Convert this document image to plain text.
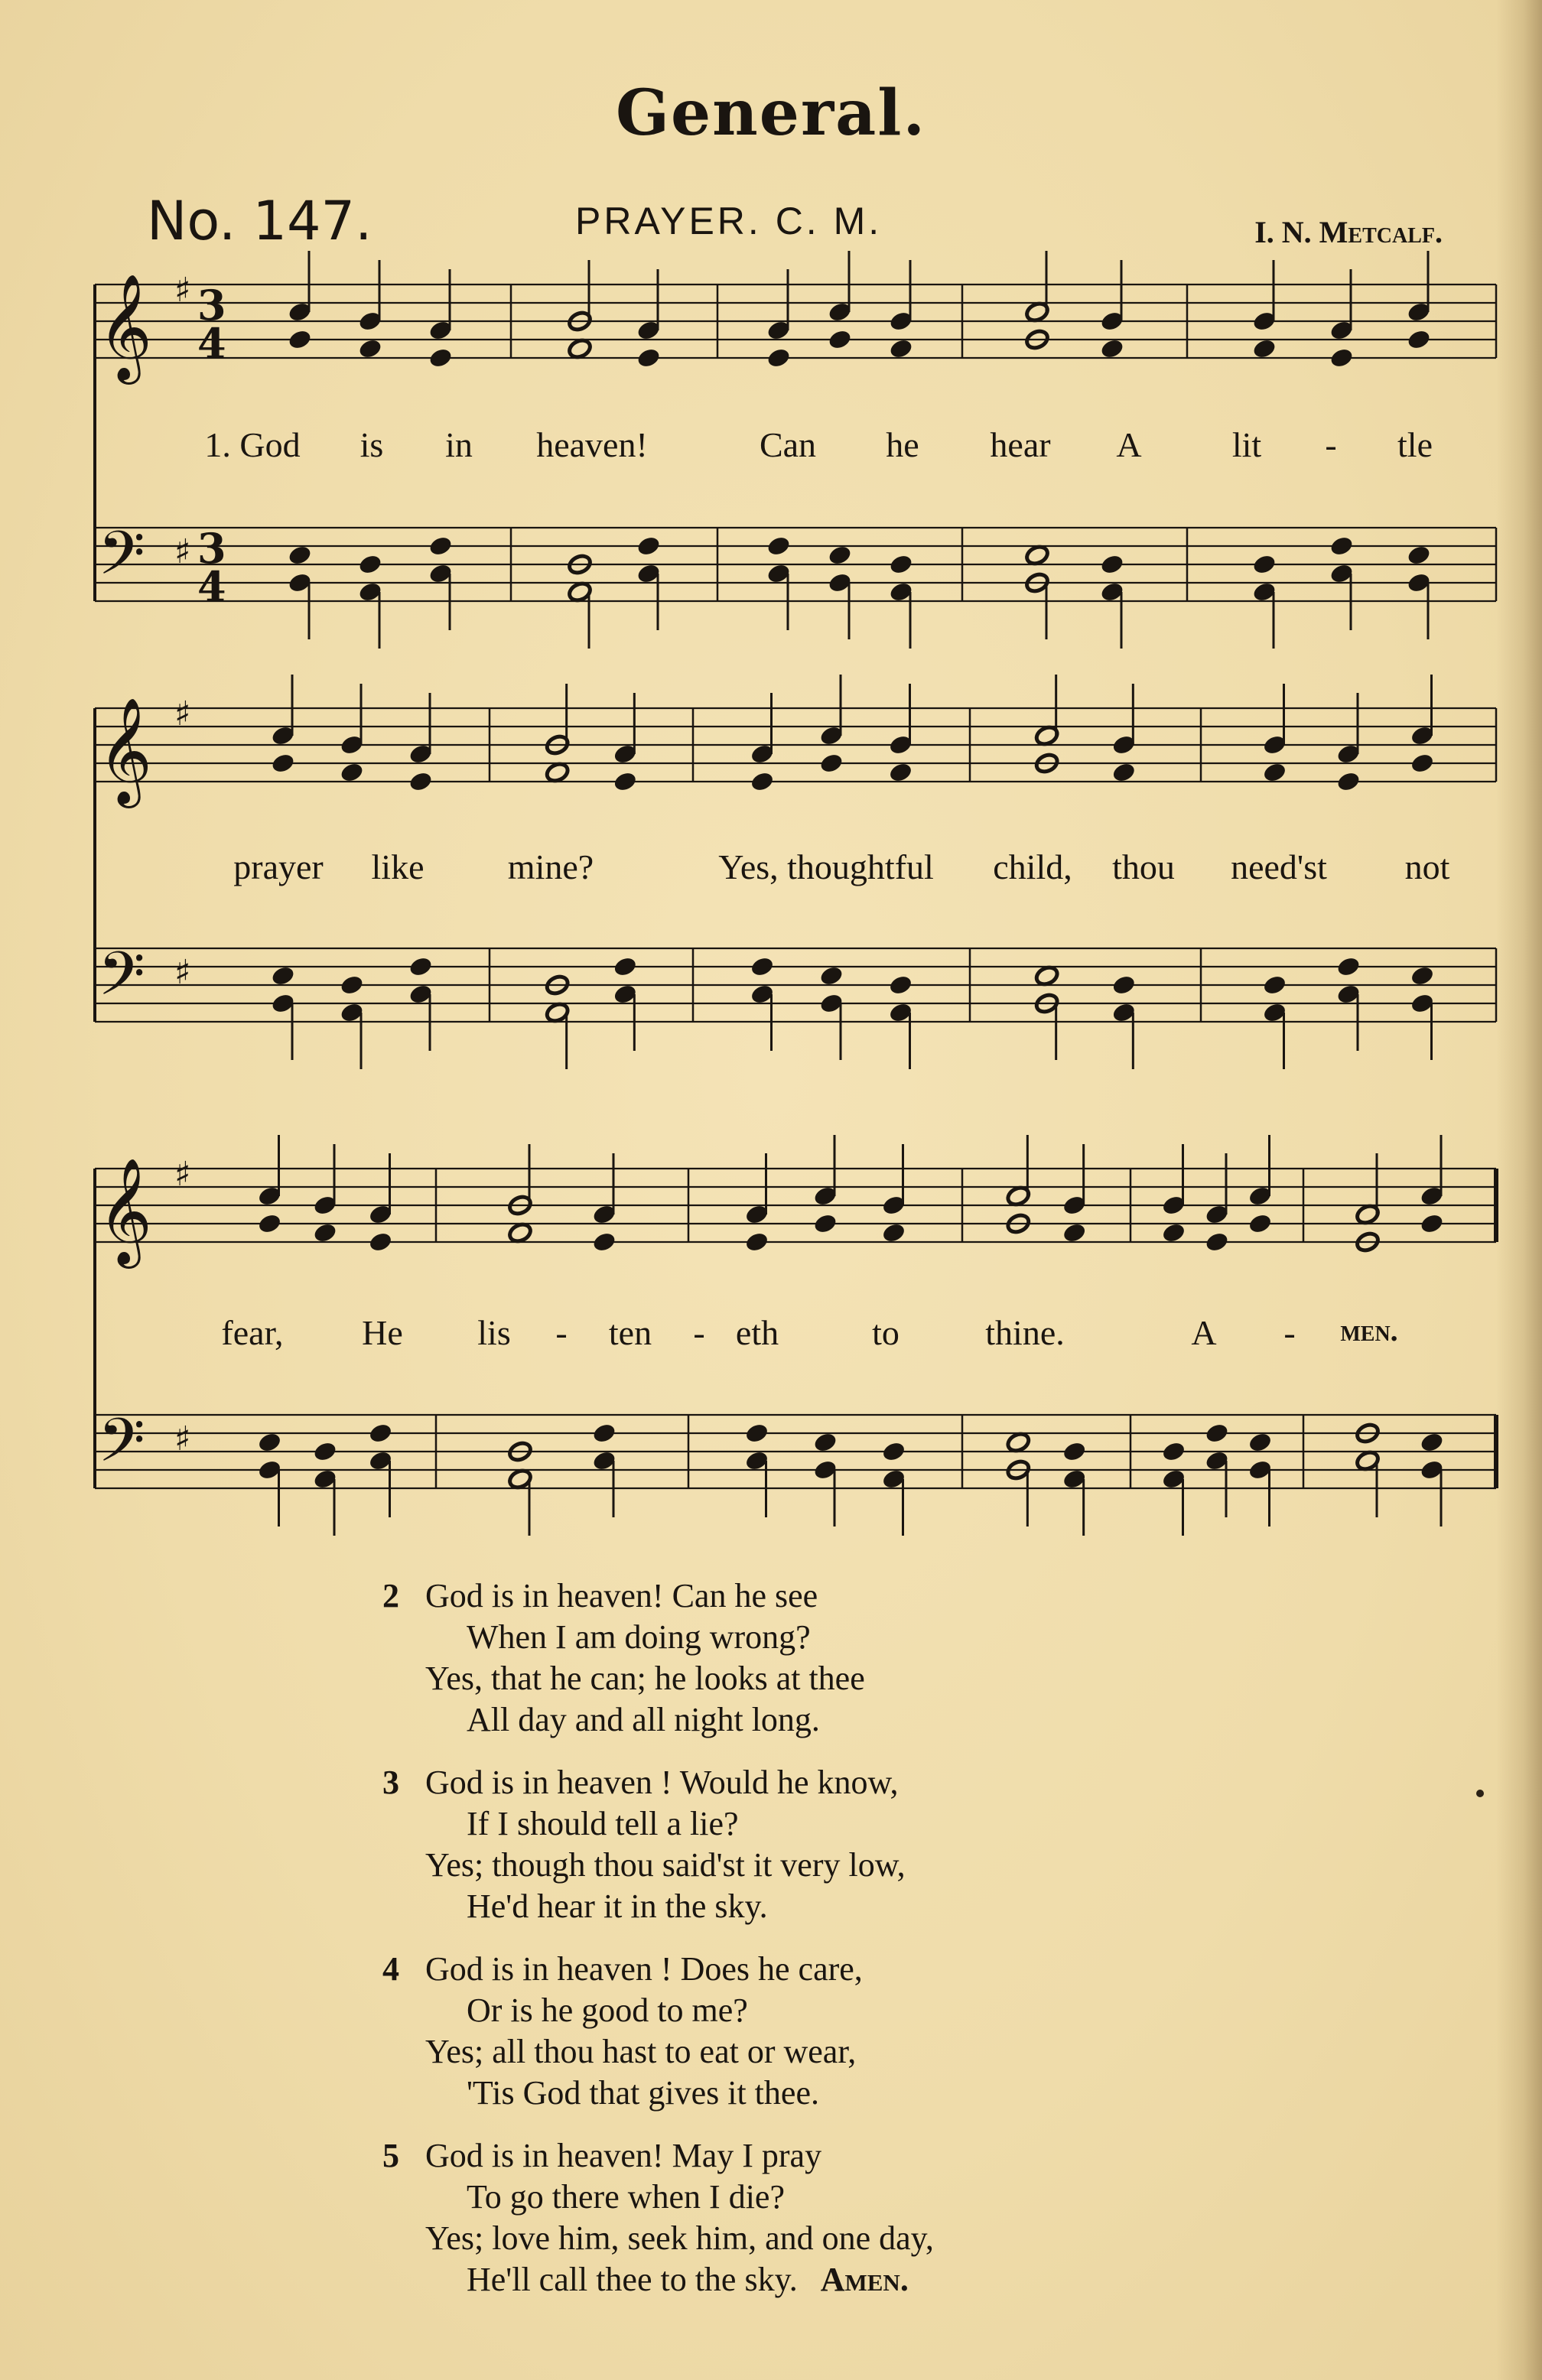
General.
No. 147.	PRAYER. C. M.	I. N. Metcalf.
𝄞
𝄢
♯
♯
𝄞
𝄢
♯
♯
𝄞
𝄢
♯
♯
3
4
3
4
1. God is in heaven!	Can he hear A	lit - tle
prayer like mine?	Yes, thoughtful child, thou need'st not
fear, He lis - ten - eth	to thine.	A - men.
2 God is in heaven! Can he see
When I am doing wrong?
Yes, that he can; he looks at thee
All day and all night long.
3 God is in heaven ! Would he know,
If I should tell a lie?
Yes; though thou said'st it very low,
He'd hear it in the sky.
4 God is in heaven ! Does he care,
Or is he good to me?
Yes; all thou hast to eat or wear,
'Tis God that gives it thee.
5 God is in heaven! May I pray
To go there when I die?
Yes; love him, seek him, and one day,
He'll call thee to the sky. Amen.
